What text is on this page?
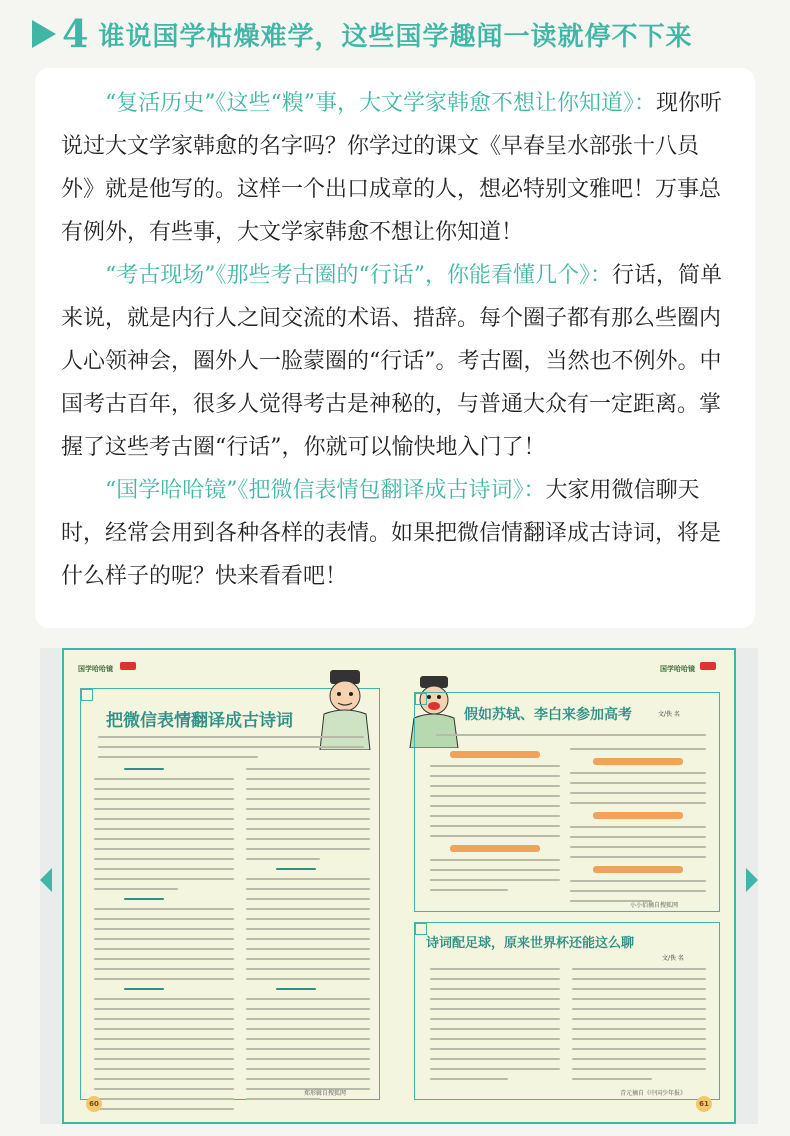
4 谁说国学枯燥难学，这些国学趣闻一读就停不下来

“复活历史”《这些“糗”事，大文学家韩愈不想让你知道》：现你听说过大文学家韩愈的名字吗？你学过的课文《早春呈水部张十八员外》就是他写的。这样一个出口成章的人，想必特别文雅吧！万事总有例外，有些事，大文学家韩愈不想让你知道！

“考古现场”《那些考古圈的“行话”，你能看懂几个》：行话，简单来说，就是内行人之间交流的术语、措辞。每个圈子都有那么些圈内人心领神会，圈外人一脸蒙圈的“行话”。考古圈，当然也不例外。中国考古百年，很多人觉得考古是神秘的，与普通大众有一定距离。掌握了这些考古圈“行话”，你就可以愉快地入门了！

“国学哈哈镜”《把微信表情包翻译成古诗词》：大家用微信聊天时，经常会用到各种各样的表情。如果把微信情翻译成古诗词，将是什么样子的呢？快来看看吧！

国学哈哈镜
把微信表情翻译成古诗词
郑形辑自搜狐网
60
国学哈哈镜
假如苏轼、李白来参加高考	文/佚 名
小小佰摘自搜狐网
诗词配足球，原来世界杯还能这么聊
文/佚 名
青元摘自《中国少年报》
61
